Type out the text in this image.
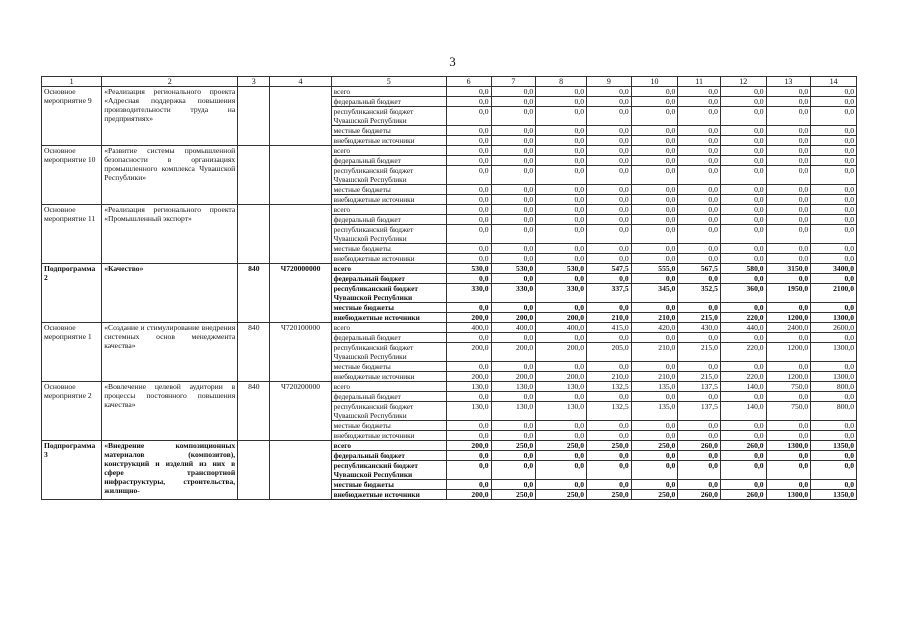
3
1	2	3	4	5	6	7	8	9	10	11	12	13	14
Основное мероприятие 9	«Реализация регионального проекта «Адресная поддержка повышения производительности труда на предприятиях»			всего	0,0	0,0	0,0	0,0	0,0	0,0	0,0	0,0	0,0
				федеральный бюджет	0,0	0,0	0,0	0,0	0,0	0,0	0,0	0,0	0,0
				республиканский бюджет Чувашской Республики	0,0	0,0	0,0	0,0	0,0	0,0	0,0	0,0	0,0
				местные бюджеты	0,0	0,0	0,0	0,0	0,0	0,0	0,0	0,0	0,0
				внебюджетные источники	0,0	0,0	0,0	0,0	0,0	0,0	0,0	0,0	0,0
Основное мероприятие 10	«Развитие системы промышленной безопасности в организациях промышленного комплекса Чувашской Республики»			всего	0,0	0,0	0,0	0,0	0,0	0,0	0,0	0,0	0,0
				федеральный бюджет	0,0	0,0	0,0	0,0	0,0	0,0	0,0	0,0	0,0
				республиканский бюджет Чувашской Республики	0,0	0,0	0,0	0,0	0,0	0,0	0,0	0,0	0,0
				местные бюджеты	0,0	0,0	0,0	0,0	0,0	0,0	0,0	0,0	0,0
				внебюджетные источники	0,0	0,0	0,0	0,0	0,0	0,0	0,0	0,0	0,0
Основное мероприятие 11	«Реализация регионального проекта «Промышленный экспорт»			всего	0,0	0,0	0,0	0,0	0,0	0,0	0,0	0,0	0,0
				федеральный бюджет	0,0	0,0	0,0	0,0	0,0	0,0	0,0	0,0	0,0
				республиканский бюджет Чувашской Республики	0,0	0,0	0,0	0,0	0,0	0,0	0,0	0,0	0,0
				местные бюджеты	0,0	0,0	0,0	0,0	0,0	0,0	0,0	0,0	0,0
				внебюджетные источники	0,0	0,0	0,0	0,0	0,0	0,0	0,0	0,0	0,0
Подпрограмма 2	«Качество»	840	Ч720000000	всего	530,0	530,0	530,0	547,5	555,0	567,5	580,0	3150,0	3400,0
				федеральный бюджет	0,0	0,0	0,0	0,0	0,0	0,0	0,0	0,0	0,0
				республиканский бюджет Чувашской Республики	330,0	330,0	330,0	337,5	345,0	352,5	360,0	1950,0	2100,0
				местные бюджеты	0,0	0,0	0,0	0,0	0,0	0,0	0,0	0,0	0,0
				внебюджетные источники	200,0	200,0	200,0	210,0	210,0	215,0	220,0	1200,0	1300,0
Основное мероприятие 1	«Создание и стимулирование внедрения системных основ менеджмента качества»	840	Ч720100000	всего	400,0	400,0	400,0	415,0	420,0	430,0	440,0	2400,0	2600,0
				федеральный бюджет	0,0	0,0	0,0	0,0	0,0	0,0	0,0	0,0	0,0
				республиканский бюджет Чувашской Республики	200,0	200,0	200,0	205,0	210,0	215,0	220,0	1200,0	1300,0
				местные бюджеты	0,0	0,0	0,0	0,0	0,0	0,0	0,0	0,0	0,0
				внебюджетные источники	200,0	200,0	200,0	210,0	210,0	215,0	220,0	1200,0	1300,0
Основное мероприятие 2	«Вовлечение целевой аудитории в процессы постоянного повышения качества»	840	Ч720200000	всего	130,0	130,0	130,0	132,5	135,0	137,5	140,0	750,0	800,0
				федеральный бюджет	0,0	0,0	0,0	0,0	0,0	0,0	0,0	0,0	0,0
				республиканский бюджет Чувашской Республики	130,0	130,0	130,0	132,5	135,0	137,5	140,0	750,0	800,0
				местные бюджеты	0,0	0,0	0,0	0,0	0,0	0,0	0,0	0,0	0,0
				внебюджетные источники	0,0	0,0	0,0	0,0	0,0	0,0	0,0	0,0	0,0
Подпрограмма 3	«Внедрение композиционных материалов (композитов), конструкций и изделий из них в сфере транспортной инфраструктуры, строительства, жилищно-			всего	200,0	250,0	250,0	250,0	250,0	260,0	260,0	1300,0	1350,0
				федеральный бюджет	0,0	0,0	0,0	0,0	0,0	0,0	0,0	0,0	0,0
				республиканский бюджет Чувашской Республики	0,0	0,0	0,0	0,0	0,0	0,0	0,0	0,0	0,0
				местные бюджеты	0,0	0,0	0,0	0,0	0,0	0,0	0,0	0,0	0,0
				внебюджетные источники	200,0	250,0	250,0	250,0	250,0	260,0	260,0	1300,0	1350,0
